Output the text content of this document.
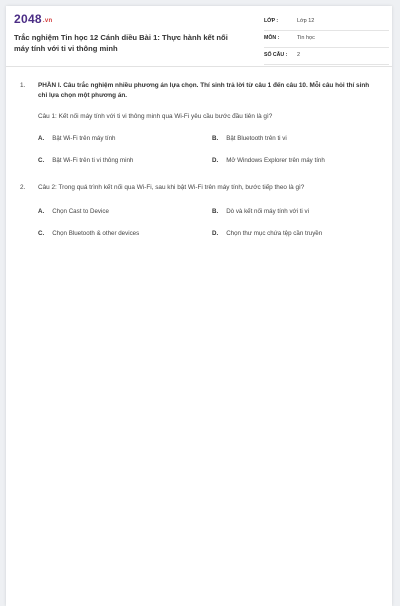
2048.vn
Trắc nghiệm Tin học 12 Cánh diều Bài 1: Thực hành kết nối máy tính với ti vi thông minh
LỚP :	Lớp 12
MÔN :	Tin học
SỐ CÂU : 2
1. PHẦN I. Câu trắc nghiệm nhiều phương án lựa chọn. Thí sinh trả lời từ câu 1 đến câu 10. Mỗi câu hỏi thí sinh chỉ lựa chọn một phương án.
Câu 1: Kết nối máy tính với ti vi thông minh qua Wi-Fi yêu cầu bước đầu tiên là gì?
A. Bật Wi-Fi trên máy tính	B. Bật Bluetooth trên ti vi
C. Bật Wi-Fi trên ti vi thông minh	D. Mở Windows Explorer trên máy tính
2. Câu 2: Trong quá trình kết nối qua Wi-Fi, sau khi bật Wi-Fi trên máy tính, bước tiếp theo là gì?
A. Chọn Cast to Device	B. Dò và kết nối máy tính với ti vi
C. Chọn Bluetooth & other devices	D. Chọn thư mục chứa tệp cần truyền
